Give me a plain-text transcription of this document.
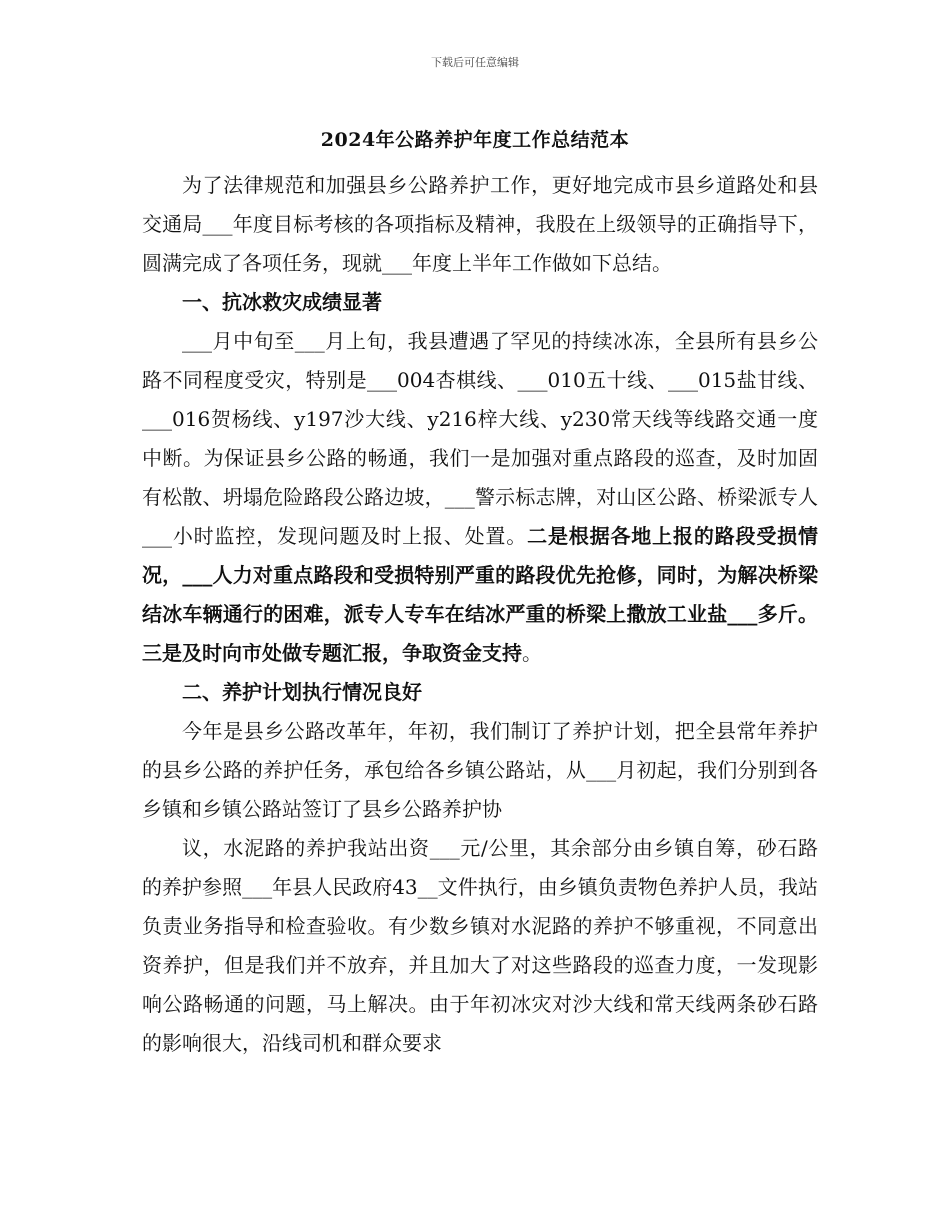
下载后可任意编辑
2024年公路养护年度工作总结范本

为了法律规范和加强县乡公路养护工作，更好地完成市县乡道路处和县交通局___年度目标考核的各项指标及精神，我股在上级领导的正确指导下，圆满完成了各项任务，现就___年度上半年工作做如下总结。

一、抗冰救灾成绩显著

___月中旬至___月上旬，我县遭遇了罕见的持续冰冻，全县所有县乡公路不同程度受灾，特别是___004杏棋线、___010五十线、___015盐甘线、___016贺杨线、y197沙大线、y216梓大线、y230常天线等线路交通一度中断。为保证县乡公路的畅通，我们一是加强对重点路段的巡查，及时加固有松散、坍塌危险路段公路边坡，___警示标志牌，对山区公路、桥梁派专人___小时监控，发现问题及时上报、处置。二是根据各地上报的路段受损情况，___人力对重点路段和受损特别严重的路段优先抢修，同时，为解决桥梁结冰车辆通行的困难，派专人专车在结冰严重的桥梁上撒放工业盐___多斤。三是及时向市处做专题汇报，争取资金支持。

二、养护计划执行情况良好

今年是县乡公路改革年，年初，我们制订了养护计划，把全县常年养护的县乡公路的养护任务，承包给各乡镇公路站，从___月初起，我们分别到各乡镇和乡镇公路站签订了县乡公路养护协

议，水泥路的养护我站出资___元/公里，其余部分由乡镇自筹，砂石路的养护参照___年县人民政府43__文件执行，由乡镇负责物色养护人员，我站负责业务指导和检查验收。有少数乡镇对水泥路的养护不够重视，不同意出资养护，但是我们并不放弃，并且加大了对这些路段的巡查力度，一发现影响公路畅通的问题，马上解决。由于年初冰灾对沙大线和常天线两条砂石路的影响很大，沿线司机和群众要求
